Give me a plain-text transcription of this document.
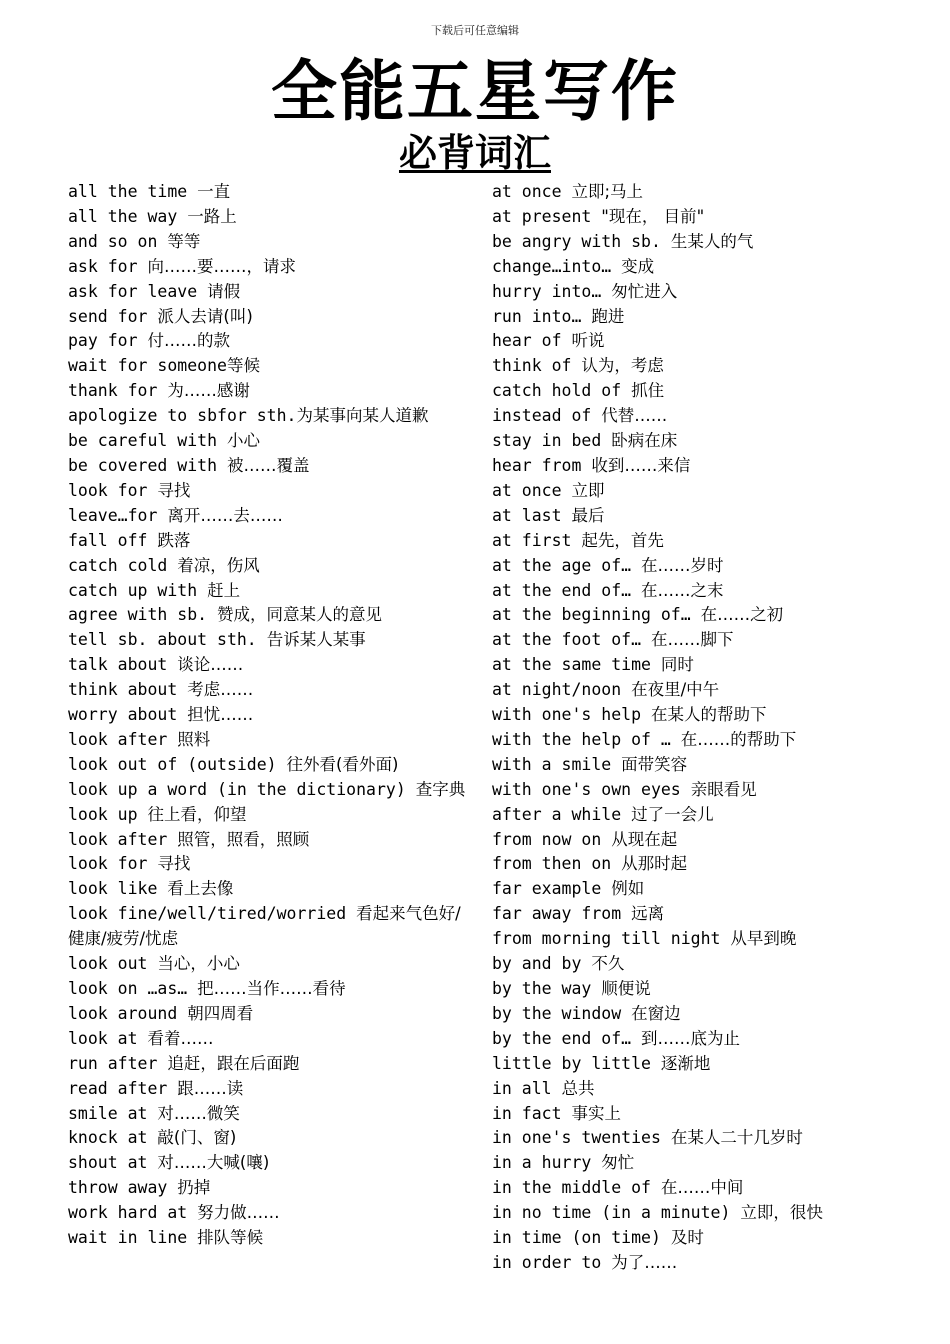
下载后可任意编辑
全能五星写作
必背词汇
all the time 一直
all the way 一路上
and so on 等等
ask for 向……要……，请求
ask for leave 请假
send for 派人去请(叫)
pay for 付……的款
wait for someone等候
thank for 为……感谢
apologize to sbfor sth.为某事向某人道歉
be careful with 小心
be covered with 被……覆盖
look for 寻找
leave…for 离开……去……
fall off 跌落
catch cold 着凉，伤风
catch up with 赶上
agree with sb. 赞成，同意某人的意见
tell sb. about sth. 告诉某人某事
talk about 谈论……
think about 考虑……
worry about 担忧……
look after 照料
look out of (outside) 往外看(看外面)
look up a word (in the dictionary) 查字典
look up 往上看，仰望
look after 照管，照看，照顾
look for 寻找
look like 看上去像
look fine/well/tired/worried 看起来气色好/健康/疲劳/忧虑
look out 当心，小心
look on …as… 把……当作……看待
look around 朝四周看
look at 看着……
run after 追赶，跟在后面跑
read after 跟……读
smile at 对……微笑
knock at 敲(门、窗)
shout at 对……大喊(嚷)
throw away 扔掉
work hard at 努力做……
wait in line 排队等候
at once 立即;马上
at present "现在， 目前"
be angry with sb. 生某人的气
change…into… 变成
hurry into… 匆忙进入
run into… 跑进
hear of 听说
think of 认为，考虑
catch hold of 抓住
instead of 代替……
stay in bed 卧病在床
hear from 收到……来信
at once 立即
at last 最后
at first 起先，首先
at the age of… 在……岁时
at the end of… 在……之末
at the beginning of… 在……之初
at the foot of… 在……脚下
at the same time 同时
at night/noon 在夜里/中午
with one's help 在某人的帮助下
with the help of … 在……的帮助下
with a smile 面带笑容
with one's own eyes 亲眼看见
after a while 过了一会儿
from now on 从现在起
from then on 从那时起
far example 例如
far away from 远离
from morning till night 从早到晚
by and by 不久
by the way 顺便说
by the window 在窗边
by the end of… 到……底为止
little by little 逐渐地
in all 总共
in fact 事实上
in one's twenties 在某人二十几岁时
in a hurry 匆忙
in the middle of 在……中间
in no time (in a minute) 立即，很快
in time (on time) 及时
in order to 为了……
